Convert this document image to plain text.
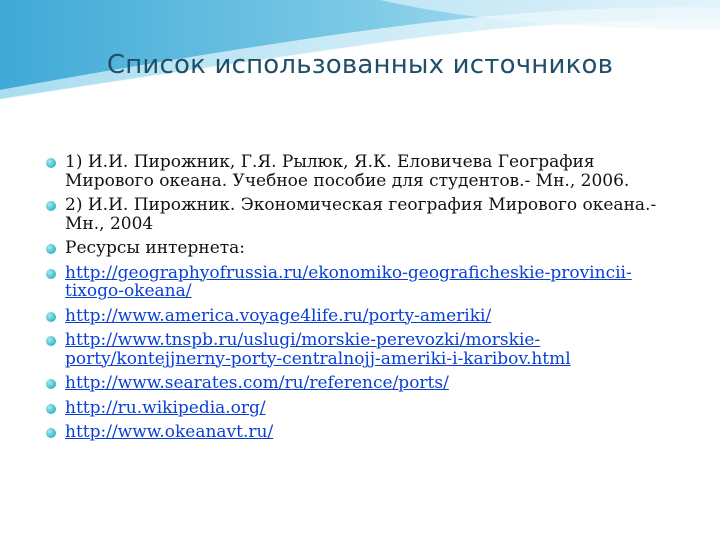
Список использованных источников
1) И.И. Пирожник, Г.Я. Рылюк, Я.К. Еловичева География Мирового океана. Учебное пособие для студентов.- Мн., 2006.
2) И.И. Пирожник. Экономическая география Мирового океана.- Мн., 2004
Ресурсы интернета:
http://geographyofrussia.ru/ekonomiko-geograficheskie-provincii-tixogo-okeana/
http://www.america.voyage4life.ru/porty-ameriki/
http://www.tnspb.ru/uslugi/morskie-perevozki/morskie-porty/kontejjnerny-porty-centralnojj-ameriki-i-karibov.html
http://www.searates.com/ru/reference/ports/
http://ru.wikipedia.org/
http://www.okeanavt.ru/
